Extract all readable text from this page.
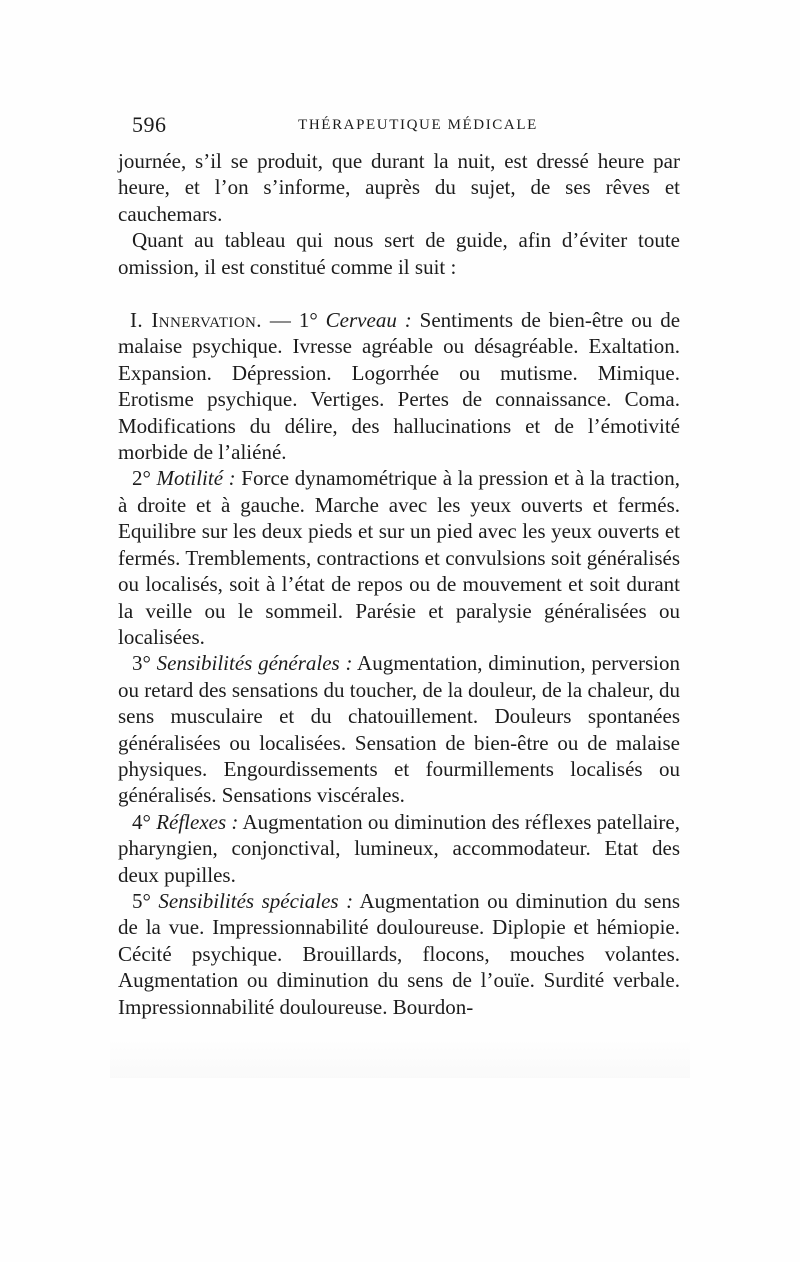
596	THÉRAPEUTIQUE MÉDICALE

journée, s’il se produit, que durant la nuit, est dressé heure par heure, et l’on s’informe, auprès du sujet, de ses rêves et cauchemars.

Quant au tableau qui nous sert de guide, afin d’éviter toute omission, il est constitué comme il suit :

I. Innervation. — 1° Cerveau : Sentiments de bien-être ou de malaise psychique. Ivresse agréable ou désagréable. Exaltation. Expansion. Dépression. Logorrhée ou mutisme. Mimique. Erotisme psychique. Vertiges. Pertes de connaissance. Coma. Modifications du délire, des hallucinations et de l’émotivité morbide de l’aliéné.

2° Motilité : Force dynamométrique à la pression et à la traction, à droite et à gauche. Marche avec les yeux ouverts et fermés. Equilibre sur les deux pieds et sur un pied avec les yeux ouverts et fermés. Tremblements, contractions et convulsions soit généralisés ou localisés, soit à l’état de repos ou de mouvement et soit durant la veille ou le sommeil. Parésie et paralysie généralisées ou localisées.

3° Sensibilités générales : Augmentation, diminution, perversion ou retard des sensations du toucher, de la douleur, de la chaleur, du sens musculaire et du chatouillement. Douleurs spontanées généralisées ou localisées. Sensation de bien-être ou de malaise physiques. Engourdissements et fourmillements localisés ou généralisés. Sensations viscérales.

4° Réflexes : Augmentation ou diminution des réflexes patellaire, pharyngien, conjonctival, lumineux, accommodateur. Etat des deux pupilles.

5° Sensibilités spéciales : Augmentation ou diminution du sens de la vue. Impressionnabilité douloureuse. Diplopie et hémiopie. Cécité psychique. Brouillards, flocons, mouches volantes. Augmentation ou diminution du sens de l’ouïe. Surdité verbale. Impressionnabilité douloureuse. Bourdon-
